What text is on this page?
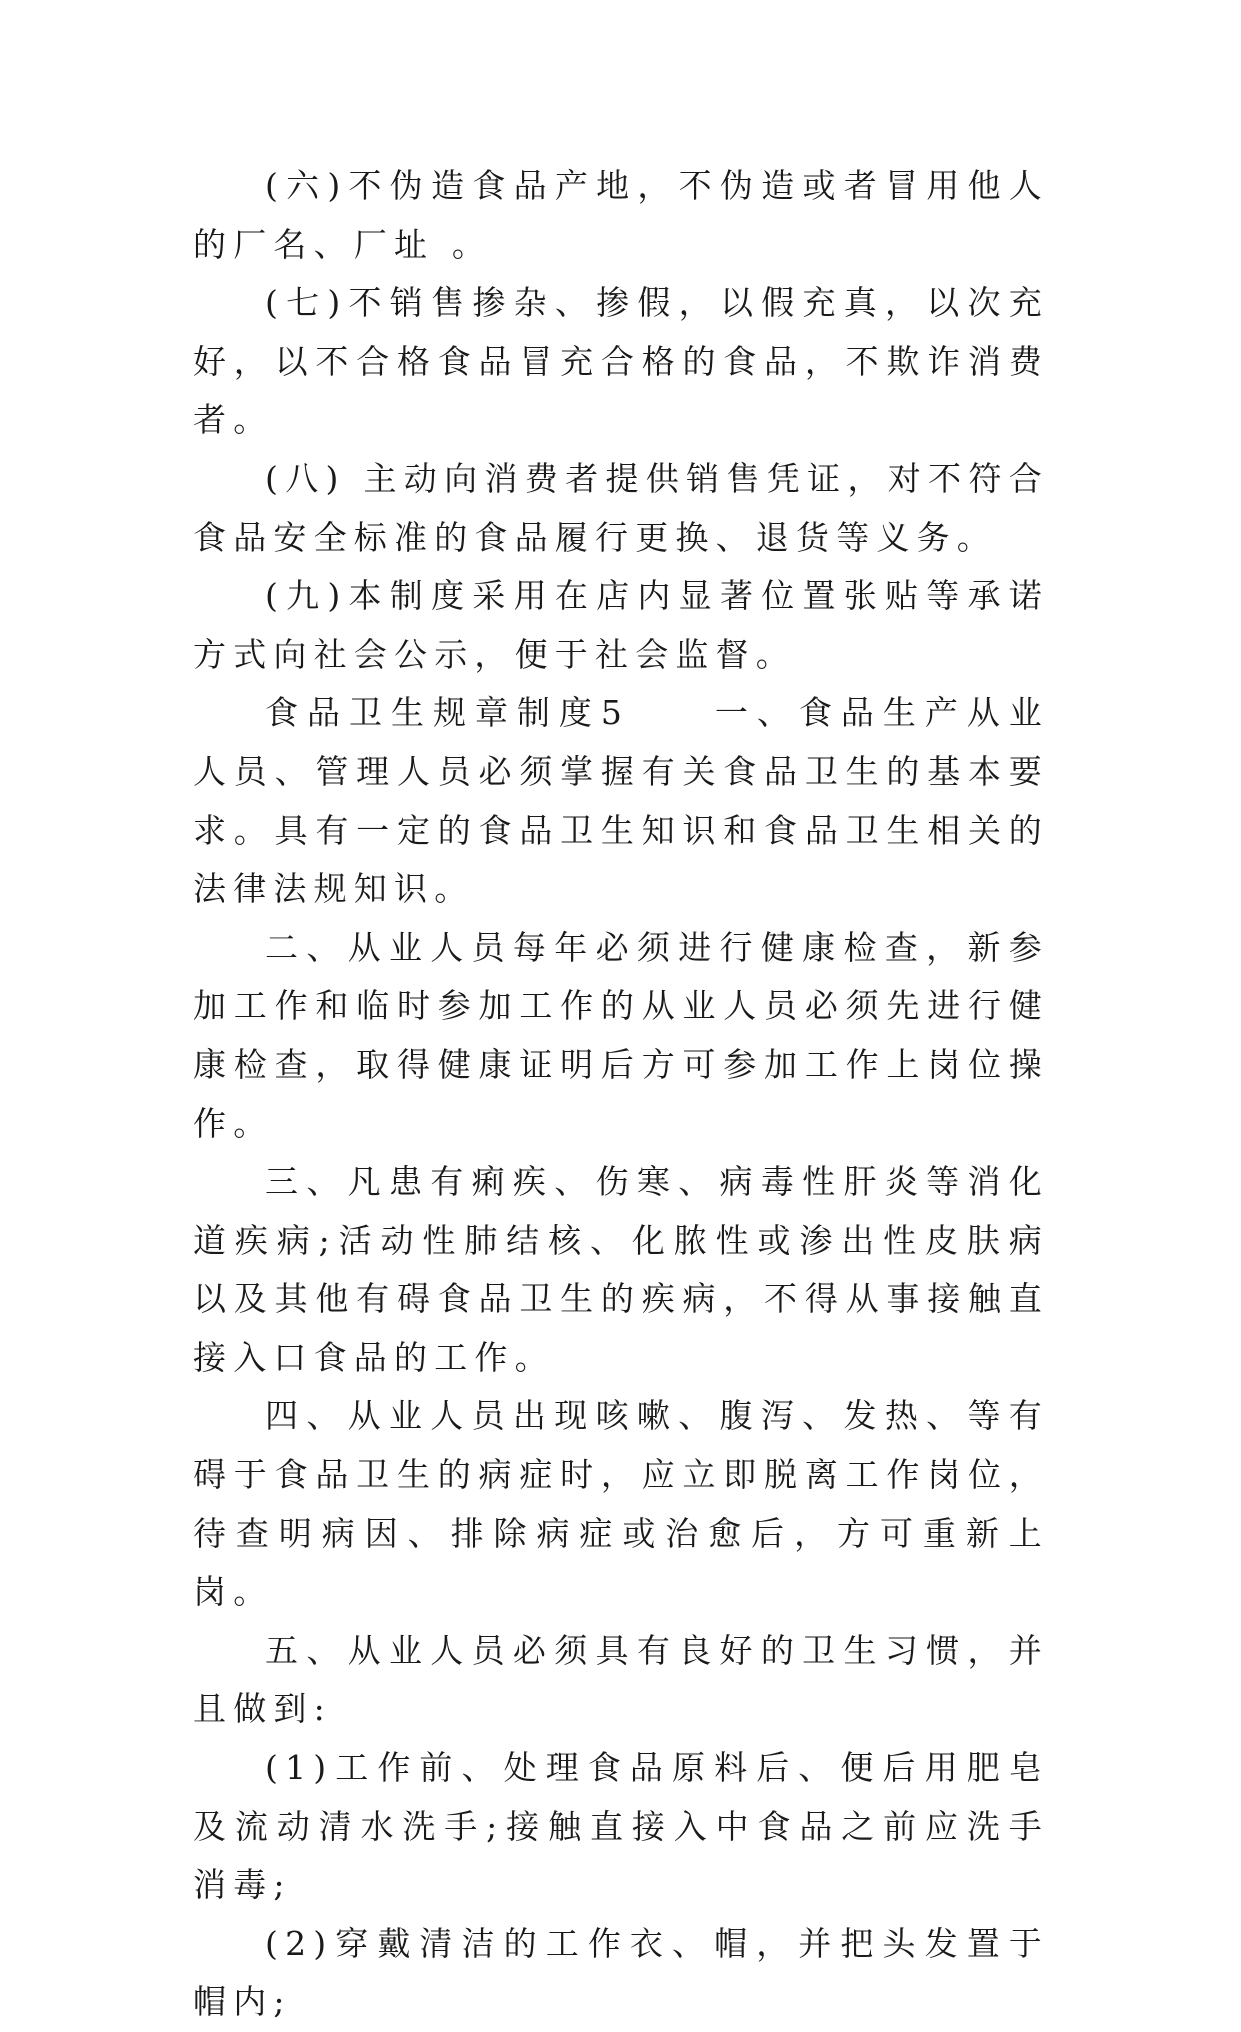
(六)不伪造食品产地，不伪造或者冒用他人的厂名、厂址 。

(七)不销售掺杂、掺假，以假充真，以次充好，以不合格食品冒充合格的食品，不欺诈消费者。

(八) 主动向消费者提供销售凭证，对不符合食品安全标准的食品履行更换、退货等义务。

(九)本制度采用在店内显著位置张贴等承诺方式向社会公示，便于社会监督。

食品卫生规章制度5　　一、食品生产从业人员、管理人员必须掌握有关食品卫生的基本要求。具有一定的食品卫生知识和食品卫生相关的法律法规知识。

二、从业人员每年必须进行健康检查，新参加工作和临时参加工作的从业人员必须先进行健康检查，取得健康证明后方可参加工作上岗位操作。

三、凡患有痢疾、伤寒、病毒性肝炎等消化道疾病;活动性肺结核、化脓性或渗出性皮肤病以及其他有碍食品卫生的疾病，不得从事接触直接入口食品的工作。

四、从业人员出现咳嗽、腹泻、发热、等有碍于食品卫生的病症时，应立即脱离工作岗位，待查明病因、排除病症或治愈后，方可重新上岗。

五、从业人员必须具有良好的卫生习惯，并且做到:

(1)工作前、处理食品原料后、便后用肥皂及流动清水洗手;接触直接入中食品之前应洗手消毒;

(2)穿戴清洁的工作衣、帽，并把头发置于帽内;
